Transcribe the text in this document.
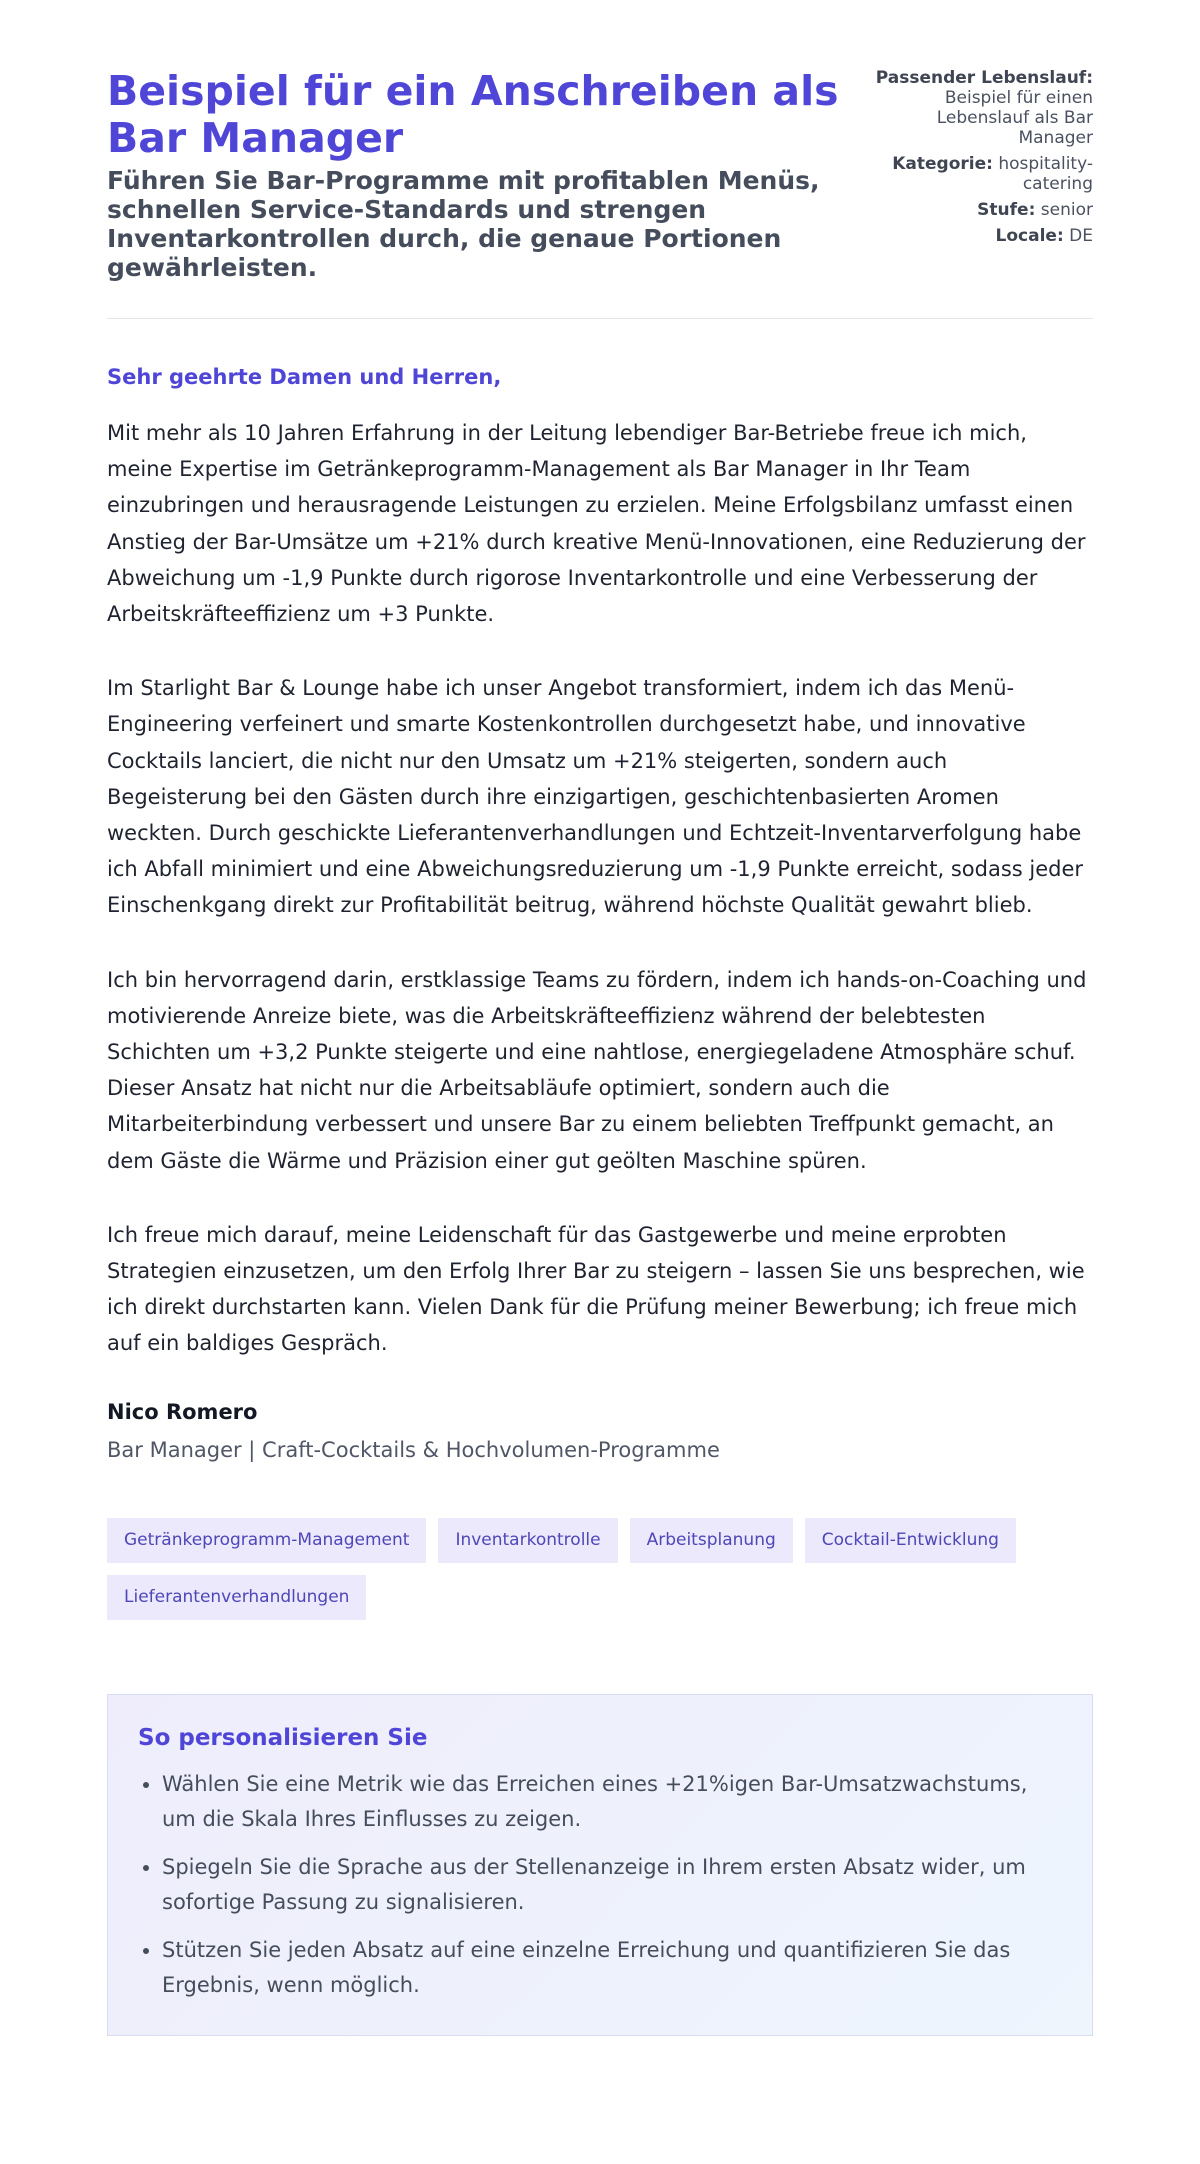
Beispiel für ein Anschreiben als Bar Manager

Führen Sie Bar-Programme mit profitablen Menüs, schnellen Service-Standards und strengen Inventarkontrollen durch, die genaue Portionen gewährleisten.

Passender Lebenslauf: Beispiel für einen Lebenslauf als Bar Manager
Kategorie: hospitality-catering
Stufe: senior
Locale: DE

Sehr geehrte Damen und Herren,

Mit mehr als 10 Jahren Erfahrung in der Leitung lebendiger Bar-Betriebe freue ich mich, meine Expertise im Getränkeprogramm-Management als Bar Manager in Ihr Team einzubringen und herausragende Leistungen zu erzielen. Meine Erfolgsbilanz umfasst einen Anstieg der Bar-Umsätze um +21% durch kreative Menü-Innovationen, eine Reduzierung der Abweichung um -1,9 Punkte durch rigorose Inventarkontrolle und eine Verbesserung der Arbeitskräfteeffizienz um +3 Punkte.

Im Starlight Bar & Lounge habe ich unser Angebot transformiert, indem ich das Menü-Engineering verfeinert und smarte Kostenkontrollen durchgesetzt habe, und innovative Cocktails lanciert, die nicht nur den Umsatz um +21% steigerten, sondern auch Begeisterung bei den Gästen durch ihre einzigartigen, geschichtenbasierten Aromen weckten. Durch geschickte Lieferantenverhandlungen und Echtzeit-Inventarverfolgung habe ich Abfall minimiert und eine Abweichungsreduzierung um -1,9 Punkte erreicht, sodass jeder Einschenkgang direkt zur Profitabilität beitrug, während höchste Qualität gewahrt blieb.

Ich bin hervorragend darin, erstklassige Teams zu fördern, indem ich hands-on-Coaching und motivierende Anreize biete, was die Arbeitskräfteeffizienz während der belebtesten Schichten um +3,2 Punkte steigerte und eine nahtlose, energiegeladene Atmosphäre schuf. Dieser Ansatz hat nicht nur die Arbeitsabläufe optimiert, sondern auch die Mitarbeiterbindung verbessert und unsere Bar zu einem beliebten Treffpunkt gemacht, an dem Gäste die Wärme und Präzision einer gut geölten Maschine spüren.

Ich freue mich darauf, meine Leidenschaft für das Gastgewerbe und meine erprobten Strategien einzusetzen, um den Erfolg Ihrer Bar zu steigern – lassen Sie uns besprechen, wie ich direkt durchstarten kann. Vielen Dank für die Prüfung meiner Bewerbung; ich freue mich auf ein baldiges Gespräch.

Nico Romero
Bar Manager | Craft-Cocktails & Hochvolumen-Programme
Getränkeprogramm-Management	Inventarkontrolle	Arbeitsplanung	Cocktail-Entwicklung
Lieferantenverhandlungen
So personalisieren Sie
• Wählen Sie eine Metrik wie das Erreichen eines +21%igen Bar-Umsatzwachstums, um die Skala Ihres Einflusses zu zeigen.
• Spiegeln Sie die Sprache aus der Stellenanzeige in Ihrem ersten Absatz wider, um sofortige Passung zu signalisieren.
• Stützen Sie jeden Absatz auf eine einzelne Erreichung und quantifizieren Sie das Ergebnis, wenn möglich.
